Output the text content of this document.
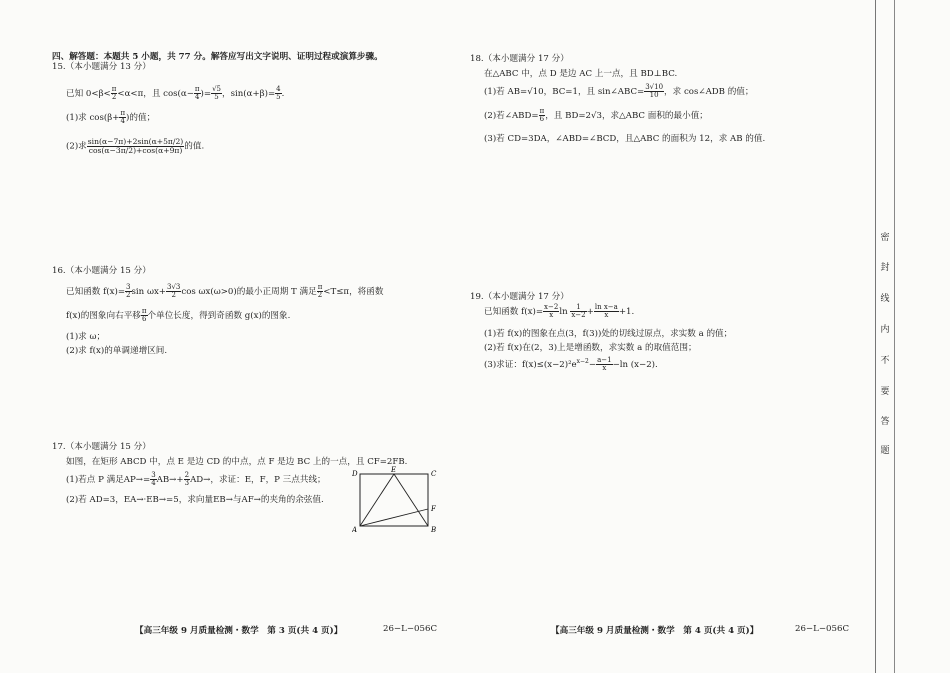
四、解答题：本题共 5 小题，共 77 分。解答应写出文字说明、证明过程或演算步骤。
15.（本小题满分 13 分）
已知 $0<\beta< \frac{\pi}{2} <\alpha<\pi$，且 $\cos(\alpha- \frac{\pi}{4}$ )= $\frac{√5}{5}$ ，$\sin(\alpha+\beta)= \frac{4}{5}$ .
(1)求 $\cos(\beta+ \frac{\pi}{4}$ )的值；
(2)求 $\frac{\sin(\alpha-7\pi)+2\sin(\alpha+5\pi/2)}{\cos(\alpha-3\pi/2)+\cos(\alpha+9\pi)}$ 的值.
16.（本小题满分 15 分）
已知函数 $f(x)= \frac{3}{2}$ $\sin \omega x+ \frac{3√3}{2}$ cos ωx(ω>0)的最小正周期 T 满足 $\frac{\pi}{2} <T\le\pi$，将函数
f(x)的图象向右平移 $\frac{\pi}{6}$ 个单位长度，得到奇函数 g(x)的图象.
(1)求 ω；
(2)求 f(x)的单调递增区间.
17.（本小题满分 15 分）
如图，在矩形 ABCD 中，点 E 是边 CD 的中点，点 F 是边 BC 上的一点，且 CF=2FB.
(1)若点 P 满足$AP\to= \frac{3}{4} AB\to+ \frac{2}{3} AD\to$，求证：E，F，P 三点共线；
(2)若 AD=3，EA→·EB→=5，求向量EB→与AF→的夹角的余弦值.
D	E	C
F
A	B
18.（本小题满分 17 分）
在△ABC 中，点 D 是边 AC 上一点，且 BD⊥BC.
(1)若 AB=√10，BC=1，且 sin∠ABC= $\frac{3√10}{10}$ ，求 cos∠ADB 的值；
(2)若∠ABD= $\frac{\pi}{6}$ ，且 BD=2√3，求△ABC 面积的最小值；
(3)若 CD=3DA，∠ABD=∠BCD，且△ABC 的面积为 12，求 AB 的值.
19.（本小题满分 17 分）
已知函数 $f(x)= \frac{x-2}{x}$ $\ln \frac{1}{x-2} + \frac{\text{ln x−a}}{x} +1$.
(1)若 f(x)的图象在点(3，f(3))处的切线过原点，求实数 a 的值；
(2)若 f(x)在(2，3)上是增函数，求实数 a 的取值范围；
(3)求证：$f(x)\le(x-2)^2e^{x-2}- \frac{a-1}{x} -\ln$ (x−2).
【高三年级 9 月质量检测・数学　第 3 页(共 4 页)】	26−L−056C	【高三年级 9 月质量检测・数学　第 4 页(共 4 页)】	26−L−056C
密
封
线
内
不
要
答
题
